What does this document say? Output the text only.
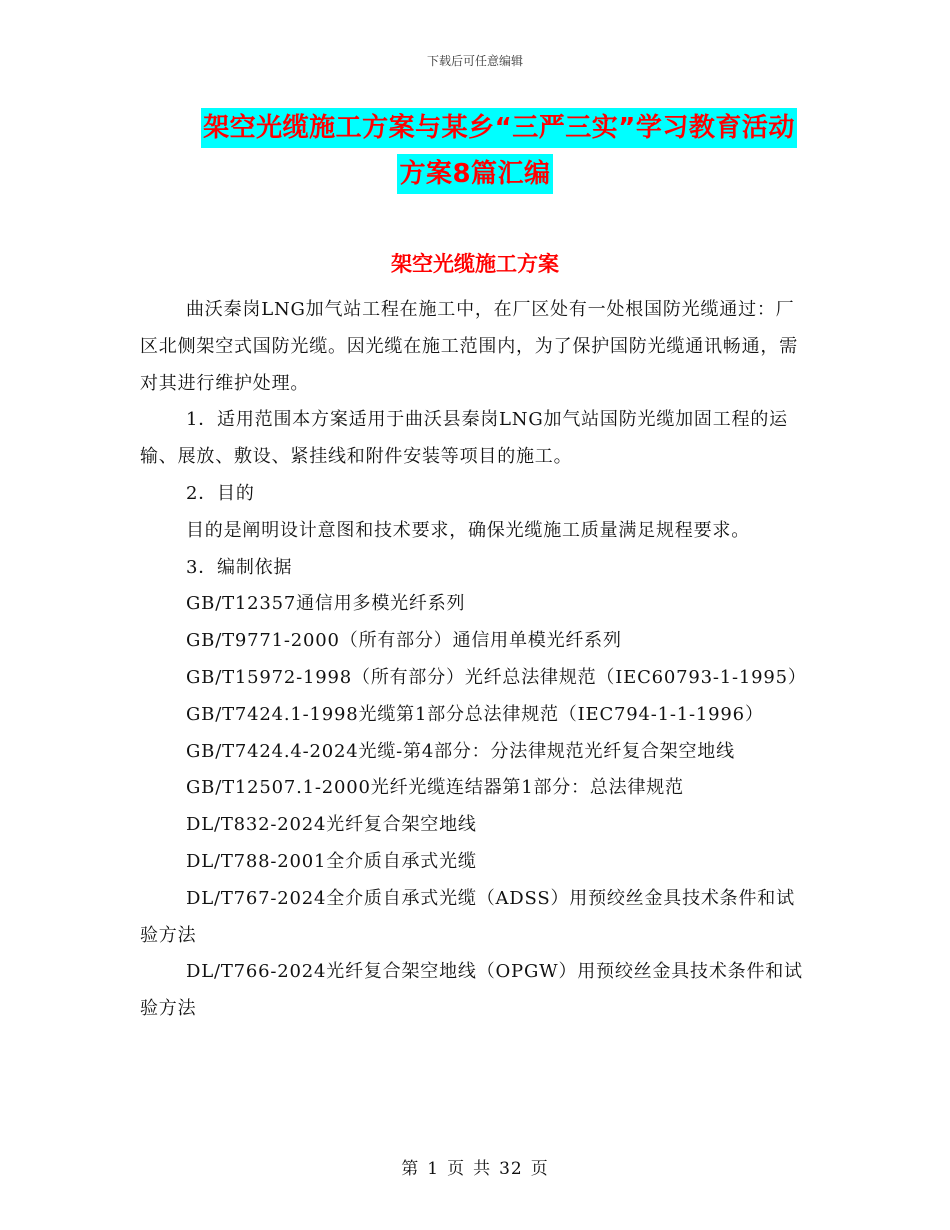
下载后可任意编辑
架空光缆施工方案与某乡“三严三实”学习教育活动
方案8篇汇编
架空光缆施工方案

曲沃秦岗LNG加气站工程在施工中，在厂区处有一处根国防光缆通过：厂区北侧架空式国防光缆。因光缆在施工范围内，为了保护国防光缆通讯畅通，需对其进行维护处理。

1．适用范围本方案适用于曲沃县秦岗LNG加气站国防光缆加固工程的运输、展放、敷设、紧挂线和附件安装等项目的施工。

2．目的

目的是阐明设计意图和技术要求，确保光缆施工质量满足规程要求。

3．编制依据

GB/T12357通信用多模光纤系列

GB/T9771-2000（所有部分）通信用单模光纤系列

GB/T15972-1998（所有部分）光纤总法律规范（IEC60793-1-1995）

GB/T7424.1-1998光缆第1部分总法律规范（IEC794-1-1-1996）

GB/T7424.4-2024光缆-第4部分：分法律规范光纤复合架空地线

GB/T12507.1-2000光纤光缆连结器第1部分：总法律规范

DL/T832-2024光纤复合架空地线

DL/T788-2001全介质自承式光缆

DL/T767-2024全介质自承式光缆（ADSS）用预绞丝金具技术条件和试验方法

DL/T766-2024光纤复合架空地线（OPGW）用预绞丝金具技术条件和试验方法

第 1 页 共 32 页
